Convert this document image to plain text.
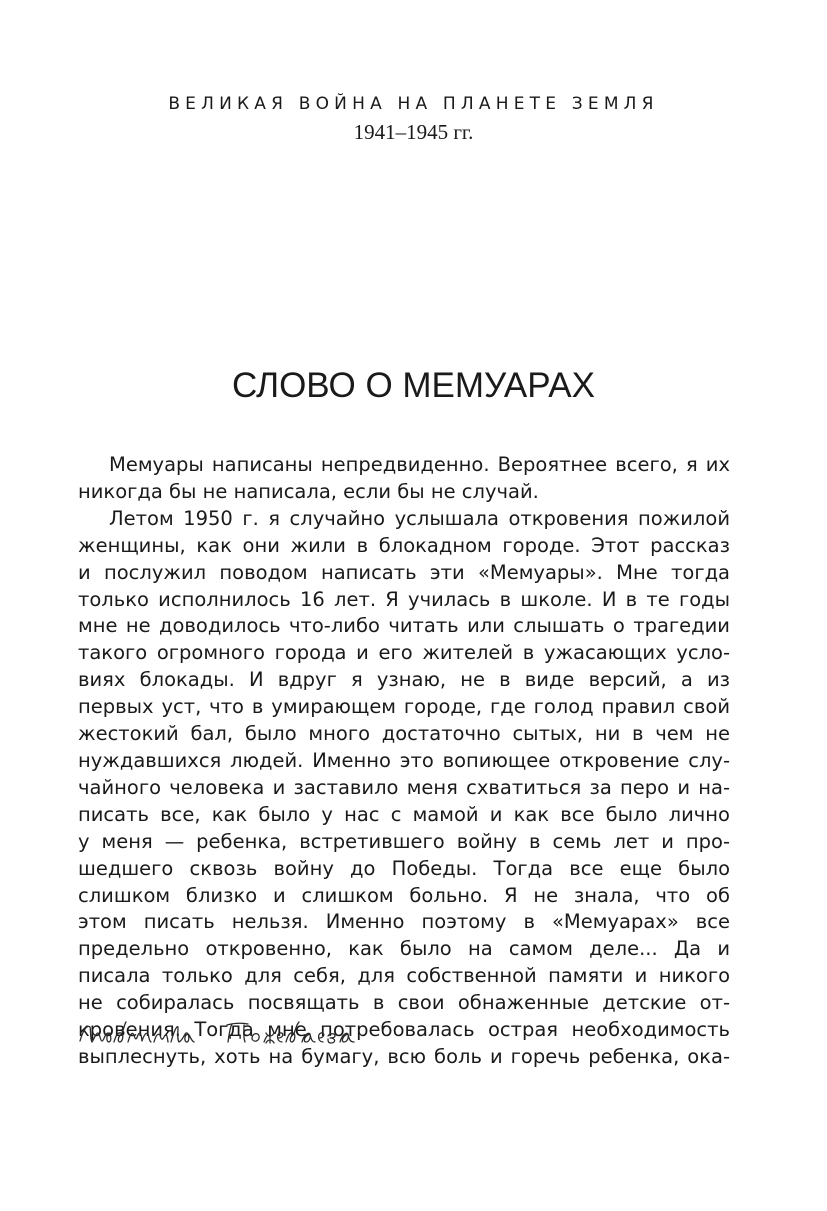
ВЕЛИКАЯ ВОЙНА НА ПЛАНЕТЕ ЗЕМЛЯ
1941–1945 гг.
СЛОВО О МЕМУАРАХ
Мемуары написаны непредвиденно. Вероятнее всего, я их
никогда бы не написала, если бы не случай.
Летом 1950 г. я случайно услышала откровения пожилой
женщины, как они жили в блокадном городе. Этот рассказ
и послужил поводом написать эти «Мемуары». Мне тогда
только исполнилось 16 лет. Я училась в школе. И в те годы
мне не доводилось что-либо читать или слышать о трагедии
такого огромного города и его жителей в ужасающих усло-
виях блокады. И вдруг я узнаю, не в виде версий, а из
первых уст, что в умирающем городе, где голод правил свой
жестокий бал, было много достаточно сытых, ни в чем не
нуждавшихся людей. Именно это вопиющее откровение слу-
чайного человека и заставило меня схватиться за перо и на-
писать все, как было у нас с мамой и как все было лично
у меня — ребенка, встретившего войну в семь лет и про-
шедшего сквозь войну до Победы. Тогда все еще было
слишком близко и слишком больно. Я не знала, что об
этом писать нельзя. Именно поэтому в «Мемуарах» все
предельно откровенно, как было на самом деле... Да и
писала только для себя, для собственной памяти и никого
не собиралась посвящать в свои обнаженные детские от-
кровения. Тогда мне потребовалась острая необходимость
выплеснуть, хоть на бумагу, всю боль и горечь ребенка, ока-
